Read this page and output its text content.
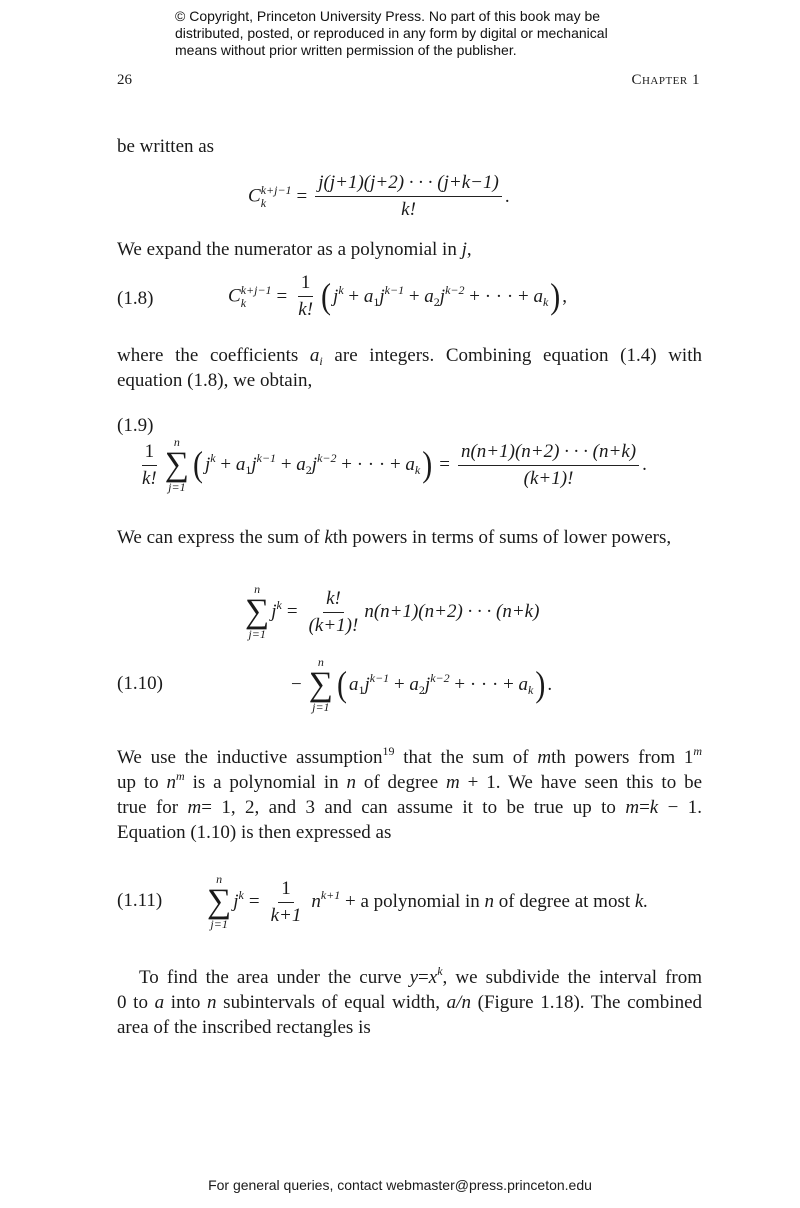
© Copyright, Princeton University Press. No part of this book may be
distributed, posted, or reproduced in any form by digital or mechanical
means without prior written permission of the publisher.
26	Chapter 1
be written as
C k+j−1
k	= $\frac{j(j+1)(j+2) \cdot \cdot \cdot (j+k-1)}{k!}$ .
We expand the numerator as a polynomial in j,
(1.8)	C k+j−1
k	= $\frac{1}{k!}$ ( $j^k + a_1j^{k-1} + a_2j^{k-2}$ + · · · + $a_k$ ) ,
where the coefficients $a_i$ are integers. Combining equation (1.4) with
equation (1.8), we obtain,
(1.9)
$\frac{1}{k!}$ n
∑
j=1
( $j^k + a_1j^{k-1} + a_2j^{k-2}$ + · · · + $a_k$ ) = $\frac{n(n+1)(n+2) \cdot \cdot \cdot (n+k)}{(k+1)!}$ .
We can express the sum of kth powers in terms of sums of lower powers,
n
∑
j=1
$j^k = \frac{k!}{(k+1)!} n(n+1)(n+2)$ · · · (n+k)
(1.10)	−
n
∑
j=1
( $a_1j^{k-1} + a_2j^{k-2}$ + · · · + $a_k$ ) .
We use the inductive assumption$^{19}$ that the sum of mth powers from 1$^m$
up to $n^m$ is a polynomial in n of degree m + 1. We have seen this to be
true for m= 1, 2, and 3 and can assume it to be true up to m=k − 1.
Equation (1.10) is then expressed as
(1.11)
n
∑
j=1
$j^k = \frac{1}{k+1} n^{k+1}$
+ a polynomial in
n
of degree at most
k.
To find the area under the curve $y=x^k$, we subdivide the interval from
0 to a into n subintervals of equal width, a/n (Figure 1.18). The combined
area of the inscribed rectangles is
For general queries, contact webmaster@press.princeton.edu
